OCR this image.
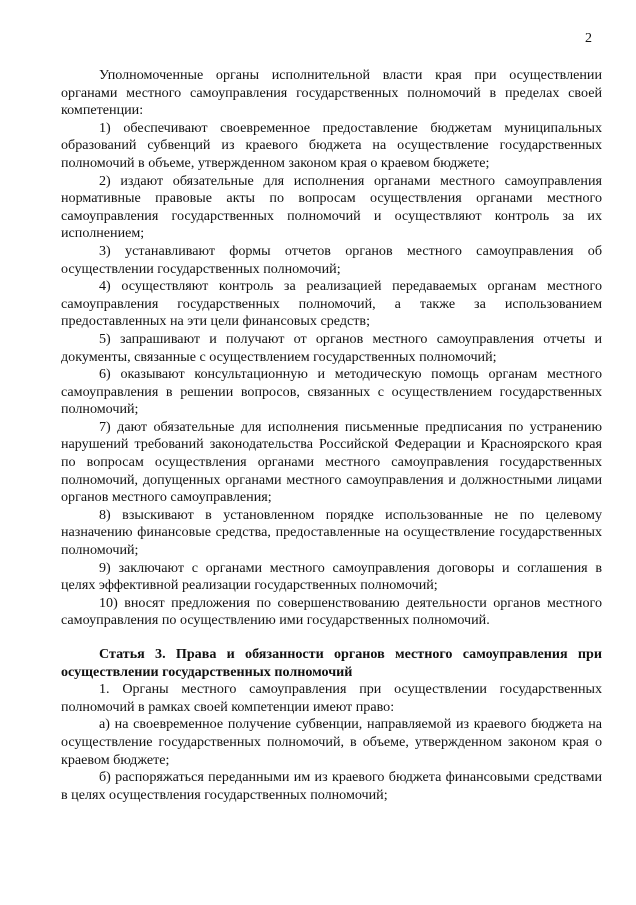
2

Уполномоченные органы исполнительной власти края при осуществлении органами местного самоуправления государственных полномочий в пределах своей компетенции:

1) обеспечивают своевременное предоставление бюджетам муниципальных образований субвенций из краевого бюджета на осуществление государственных полномочий в объеме, утвержденном законом края о краевом бюджете;

2) издают обязательные для исполнения органами местного самоуправления нормативные правовые акты по вопросам осуществления органами местного самоуправления государственных полномочий и осуществляют контроль за их исполнением;

3) устанавливают формы отчетов органов местного самоуправления об осуществлении государственных полномочий;

4) осуществляют контроль за реализацией передаваемых органам местного самоуправления государственных полномочий, а также за использованием предоставленных на эти цели финансовых средств;

5) запрашивают и получают от органов местного самоуправления отчеты и документы, связанные с осуществлением государственных полномочий;

6) оказывают консультационную и методическую помощь органам местного самоуправления в решении вопросов, связанных с осуществлением государственных полномочий;

7) дают обязательные для исполнения письменные предписания по устранению нарушений требований законодательства Российской Федерации и Красноярского края по вопросам осуществления органами местного самоуправления государственных полномочий, допущенных органами местного самоуправления и должностными лицами органов местного самоуправления;

8) взыскивают в установленном порядке использованные не по целевому назначению финансовые средства, предоставленные на осуществление государственных полномочий;

9) заключают с органами местного самоуправления договоры и соглашения в целях эффективной реализации государственных полномочий;

10) вносят предложения по совершенствованию деятельности органов местного самоуправления по осуществлению ими государственных полномочий.

Статья 3. Права и обязанности органов местного самоуправления при осуществлении государственных полномочий

1. Органы местного самоуправления при осуществлении государственных полномочий в рамках своей компетенции имеют право:

а) на своевременное получение субвенции, направляемой из краевого бюджета на осуществление государственных полномочий, в объеме, утвержденном законом края о краевом бюджете;

б) распоряжаться переданными им из краевого бюджета финансовыми средствами в целях осуществления государственных полномочий;
